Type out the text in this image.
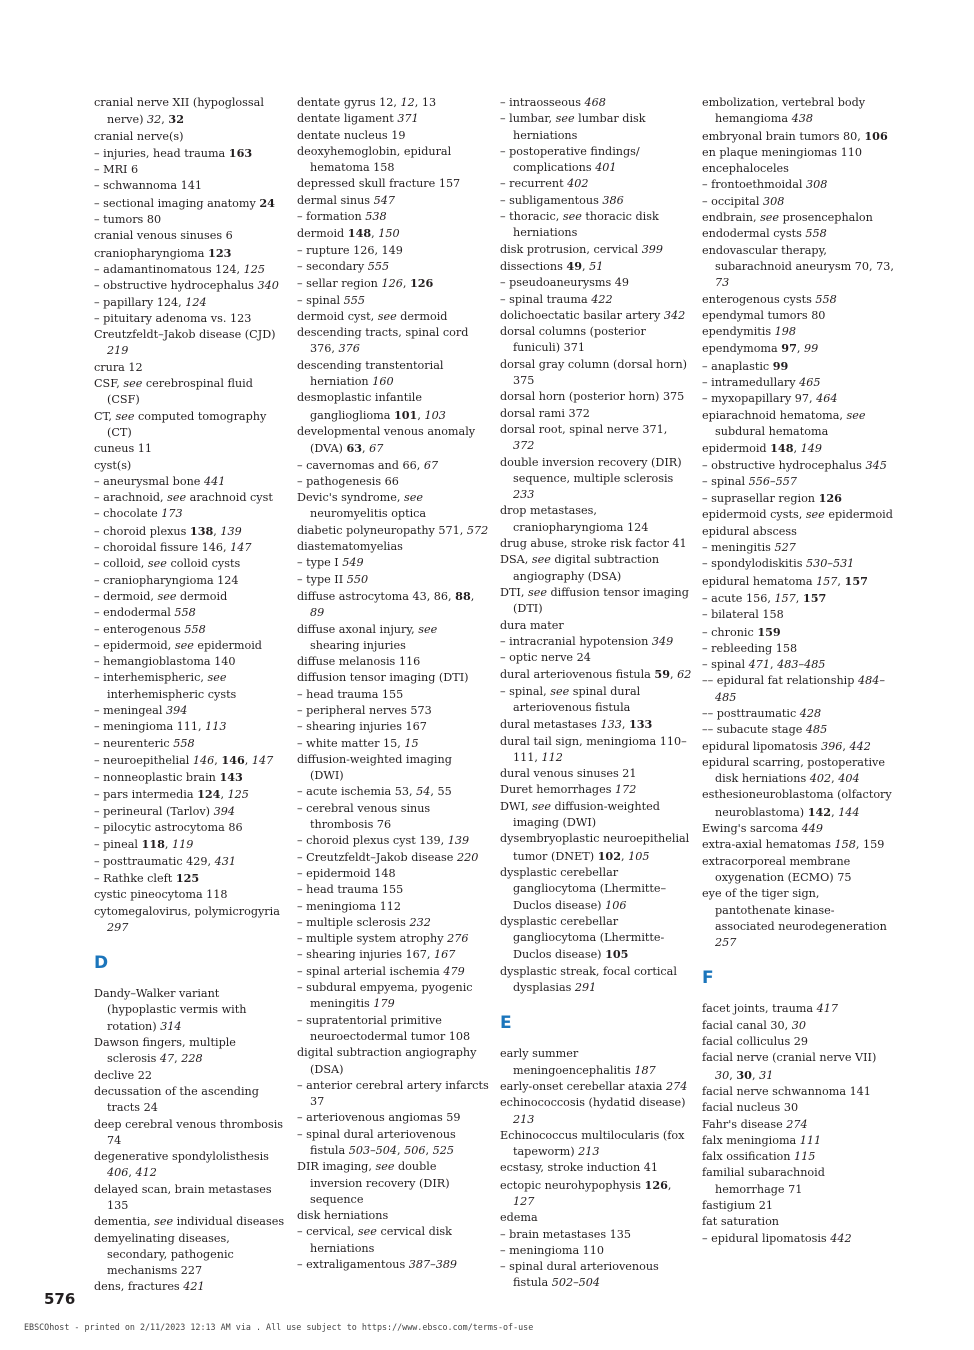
cranial nerve XII (hypoglossal nerve) 32, 32
cranial nerve(s)
– injuries, head trauma 163
– MRI 6
– schwannoma 141
– sectional imaging anatomy 24
– tumors 80
cranial venous sinuses 6
craniopharyngioma 123
– adamantinomatous 124, 125
– obstructive hydrocephalus 340
– papillary 124, 124
– pituitary adenoma vs. 123
Creutzfeldt–Jakob disease (CJD) 219
crura 12
CSF, see cerebrospinal fluid (CSF)
CT, see computed tomography (CT)
cuneus 11
cyst(s)
– aneurysmal bone 441
– arachnoid, see arachnoid cyst
– chocolate 173
– choroid plexus 138, 139
– choroidal fissure 146, 147
– colloid, see colloid cysts
– craniopharyngioma 124
– dermoid, see dermoid
– endodermal 558
– enterogenous 558
– epidermoid, see epidermoid
– hemangioblastoma 140
– interhemispheric, see interhemispheric cysts
– meningeal 394
– meningioma 111, 113
– neurenteric 558
– neuroepithelial 146, 146, 147
– nonneoplastic brain 143
– pars intermedia 124, 125
– perineural (Tarlov) 394
– pilocytic astrocytoma 86
– pineal 118, 119
– posttraumatic 429, 431
– Rathke cleft 125
cystic pineocytoma 118
cytomegalovirus, polymicrogyria 297
D
Dandy–Walker variant (hypoplastic vermis with rotation) 314
Dawson fingers, multiple sclerosis 47, 228
declive 22
decussation of the ascending tracts 24
deep cerebral venous thrombosis 74
degenerative spondylolisthesis 406, 412
delayed scan, brain metastases 135
dementia, see individual diseases
demyelinating diseases, secondary, pathogenic mechanisms 227
dens, fractures 421
dentate gyrus 12, 12, 13
dentate ligament 371
dentate nucleus 19
deoxyhemoglobin, epidural hematoma 158
depressed skull fracture 157
dermal sinus 547
– formation 538
dermoid 148, 150
– rupture 126, 149
– secondary 555
– sellar region 126, 126
– spinal 555
dermoid cyst, see dermoid
descending tracts, spinal cord 376, 376
descending transtentorial herniation 160
desmoplastic infantile ganglioglioma 101, 103
developmental venous anomaly (DVA) 63, 67
– cavernomas and 66, 67
– pathogenesis 66
Devic's syndrome, see neuromyelitis optica
diabetic polyneuropathy 571, 572
diastematomyelias
– type I 549
– type II 550
diffuse astrocytoma 43, 86, 88, 89
diffuse axonal injury, see shearing injuries
diffuse melanosis 116
diffusion tensor imaging (DTI)
– head trauma 155
– peripheral nerves 573
– shearing injuries 167
– white matter 15, 15
diffusion-weighted imaging (DWI)
– acute ischemia 53, 54, 55
– cerebral venous sinus thrombosis 76
– choroid plexus cyst 139, 139
– Creutzfeldt–Jakob disease 220
– epidermoid 148
– head trauma 155
– meningioma 112
– multiple sclerosis 232
– multiple system atrophy 276
– shearing injuries 167, 167
– spinal arterial ischemia 479
– subdural empyema, pyogenic meningitis 179
– supratentorial primitive neuroectodermal tumor 108
digital subtraction angiography (DSA)
– anterior cerebral artery infarcts 37
– arteriovenous angiomas 59
– spinal dural arteriovenous fistula 503–504, 506, 525
DIR imaging, see double inversion recovery (DIR) sequence
disk herniations
– cervical, see cervical disk herniations
– extraligamentous 387–389
– intraosseous 468
– lumbar, see lumbar disk herniations
– postoperative findings/ complications 401
– recurrent 402
– subligamentous 386
– thoracic, see thoracic disk herniations
disk protrusion, cervical 399
dissections 49, 51
– pseudoaneurysms 49
– spinal trauma 422
dolichoectatic basilar artery 342
dorsal columns (posterior funiculi) 371
dorsal gray column (dorsal horn) 375
dorsal horn (posterior horn) 375
dorsal rami 372
dorsal root, spinal nerve 371, 372
double inversion recovery (DIR) sequence, multiple sclerosis 233
drop metastases, craniopharyngioma 124
drug abuse, stroke risk factor 41
DSA, see digital subtraction angiography (DSA)
DTI, see diffusion tensor imaging (DTI)
dura mater
– intracranial hypotension 349
– optic nerve 24
dural arteriovenous fistula 59, 62
– spinal, see spinal dural arteriovenous fistula
dural metastases 133, 133
dural tail sign, meningioma 110–111, 112
dural venous sinuses 21
Duret hemorrhages 172
DWI, see diffusion-weighted imaging (DWI)
dysembryoplastic neuroepithelial tumor (DNET) 102, 105
dysplastic cerebellar gangliocytoma (Lhermitte–Duclos disease) 106
dysplastic cerebellar gangliocytoma (Lhermitte-Duclos disease) 105
dysplastic streak, focal cortical dysplasias 291
E
early summer meningoencephalitis 187
early-onset cerebellar ataxia 274
echinococcosis (hydatid disease) 213
Echinococcus multilocularis (fox tapeworm) 213
ecstasy, stroke induction 41
ectopic neurohypophysis 126, 127
edema
– brain metastases 135
– meningioma 110
– spinal dural arteriovenous fistula 502–504
embolization, vertebral body hemangioma 438
embryonal brain tumors 80, 106
en plaque meningiomas 110
encephaloceles
– frontoethmoidal 308
– occipital 308
endbrain, see prosencephalon
endodermal cysts 558
endovascular therapy, subarachnoid aneurysm 70, 73, 73
enterogenous cysts 558
ependymal tumors 80
ependymitis 198
ependymoma 97, 99
– anaplastic 99
– intramedullary 465
– myxopapillary 97, 464
epiarachnoid hematoma, see subdural hematoma
epidermoid 148, 149
– obstructive hydrocephalus 345
– spinal 556–557
– suprasellar region 126
epidermoid cysts, see epidermoid
epidural abscess
– meningitis 527
– spondylodiskitis 530–531
epidural hematoma 157, 157
– acute 156, 157, 157
– bilateral 158
– chronic 159
– rebleeding 158
– spinal 471, 483–485
–– epidural fat relationship 484–485
–– posttraumatic 428
–– subacute stage 485
epidural lipomatosis 396, 442
epidural scarring, postoperative disk herniations 402, 404
esthesioneuroblastoma (olfactory neuroblastoma) 142, 144
Ewing's sarcoma 449
extra-axial hematomas 158, 159
extracorporeal membrane oxygenation (ECMO) 75
eye of the tiger sign, pantothenate kinase-associated neurodegeneration 257
F
facet joints, trauma 417
facial canal 30, 30
facial colliculus 29
facial nerve (cranial nerve VII) 30, 30, 31
facial nerve schwannoma 141
facial nucleus 30
Fahr's disease 274
falx meningioma 111
falx ossification 115
familial subarachnoid hemorrhage 71
fastigium 21
fat saturation
– epidural lipomatosis 442
576
EBSCOhost - printed on 2/11/2023 12:13 AM via . All use subject to https://www.ebsco.com/terms-of-use
